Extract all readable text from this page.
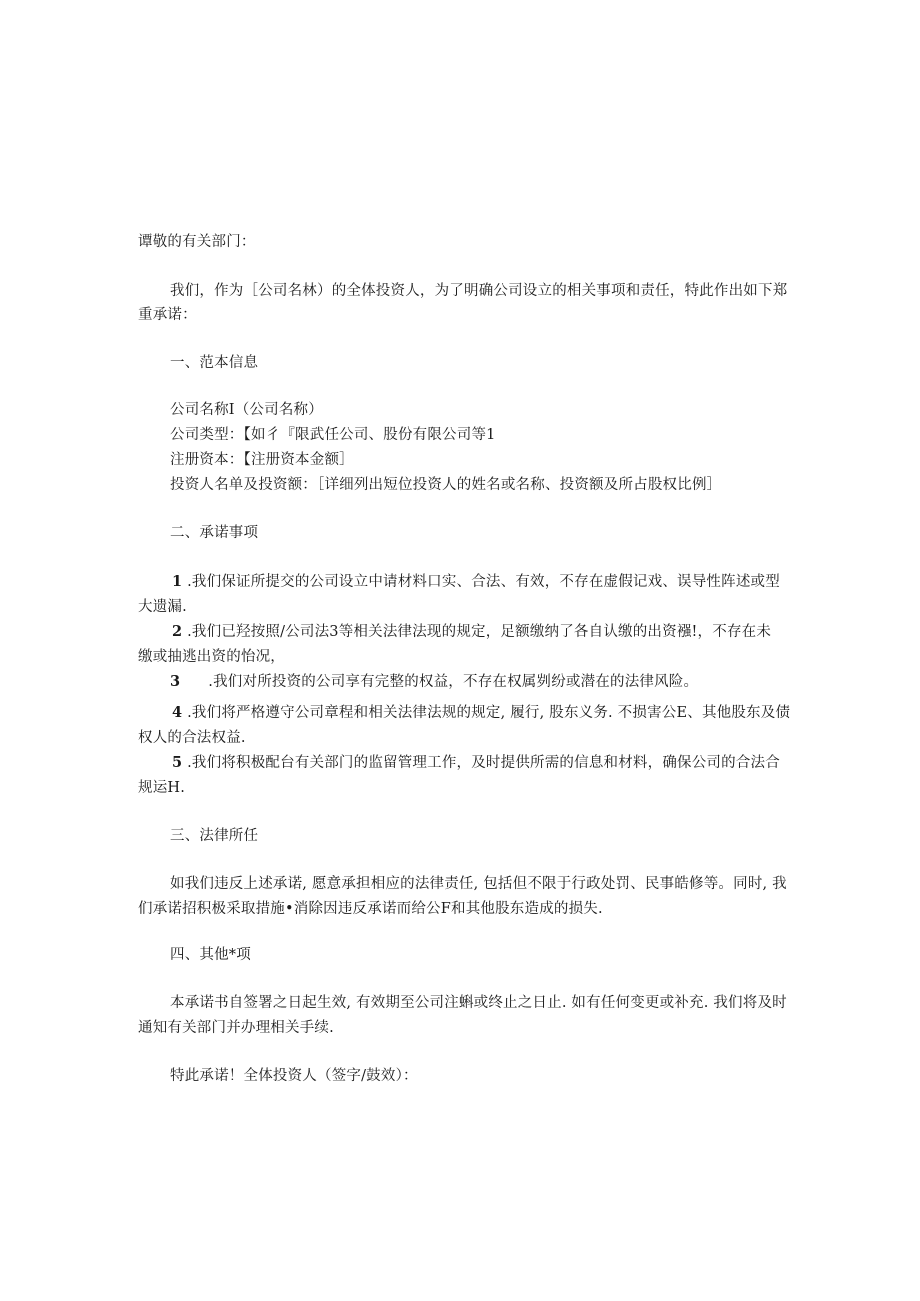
谭敬的有关部门：
我们，作为［公司名林）的全体投资人，为了明确公司设立的相关事项和责任，特此作出如下郑
重承诺：
一、范本信息
公司名称I（公司名称）
公司类型：【如彳『限武任公司、股份有限公司等1
注册资本：【注册资本金额］
投资人名单及投资额：［详细列出短位投资人的姓名或名称、投资额及所占股权比例］
二、承诺事项
1 .我们保证所提交的公司设立中请材料口实、合法、有效，不存在虚假记戏、误导性阵述或型
大遗漏.
2 .我们已羟按照/公司法3等相关法律法现的规定，足额缴纳了各自认缴的出资襁!，不存在未
缴或抽逃出资的怡况，
3 .我们对所投资的公司享有完整的权益，不存在权属刿纷或潜在的法律风险。
4 .我们将严格遵守公司章程和相关法律法规的规定, 履行, 股东义务. 不损害公E、其他股东及债
权人的合法权益.
5 .我们将积极配台有关部门的监留管理工作，及时提供所需的信息和材料，确保公司的合法合
规运H.
三、法律所任
如我们违反上述承诺, 愿意承担相应的法律责任, 包括但不限于行政处罚、民事皓修等。同时, 我
们承诺招积极采取措施•消除因违反承诺而给公F和其他股东造成的损失.
四、其他*项
本承诺书自签署之日起生效, 有效期至公司注蝌或终止之日止. 如有任何变更或补充. 我们将及时
通知有关部门并办理相关手续.
特此承诺！全体投资人（签字/鼓效）：
